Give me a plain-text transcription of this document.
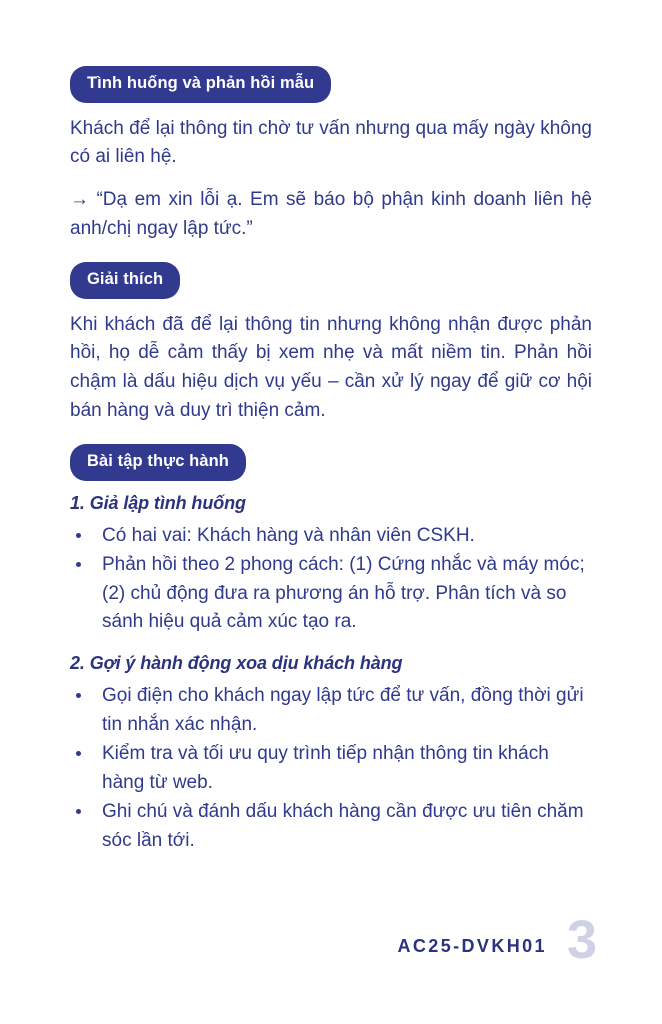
Tình huống và phản hồi mẫu

Khách để lại thông tin chờ tư vấn nhưng qua mấy ngày không có ai liên hệ.

→ “Dạ em xin lỗi ạ. Em sẽ báo bộ phận kinh doanh liên hệ anh/chị ngay lập tức.”

Giải thích

Khi khách đã để lại thông tin nhưng không nhận được phản hồi, họ dễ cảm thấy bị xem nhẹ và mất niềm tin. Phản hồi chậm là dấu hiệu dịch vụ yếu – cần xử lý ngay để giữ cơ hội bán hàng và duy trì thiện cảm.

Bài tập thực hành
1. Giả lập tình huống
Có hai vai: Khách hàng và nhân viên CSKH.
Phản hồi theo 2 phong cách: (1) Cứng nhắc và máy móc; (2) chủ động đưa ra phương án hỗ trợ. Phân tích và so sánh hiệu quả cảm xúc tạo ra.
2. Gợi ý hành động xoa dịu khách hàng
Gọi điện cho khách ngay lập tức để tư vấn, đồng thời gửi tin nhắn xác nhận.
Kiểm tra và tối ưu quy trình tiếp nhận thông tin khách hàng từ web.
Ghi chú và đánh dấu khách hàng cần được ưu tiên chăm sóc lần tới.
AC25-DVKH01 3
